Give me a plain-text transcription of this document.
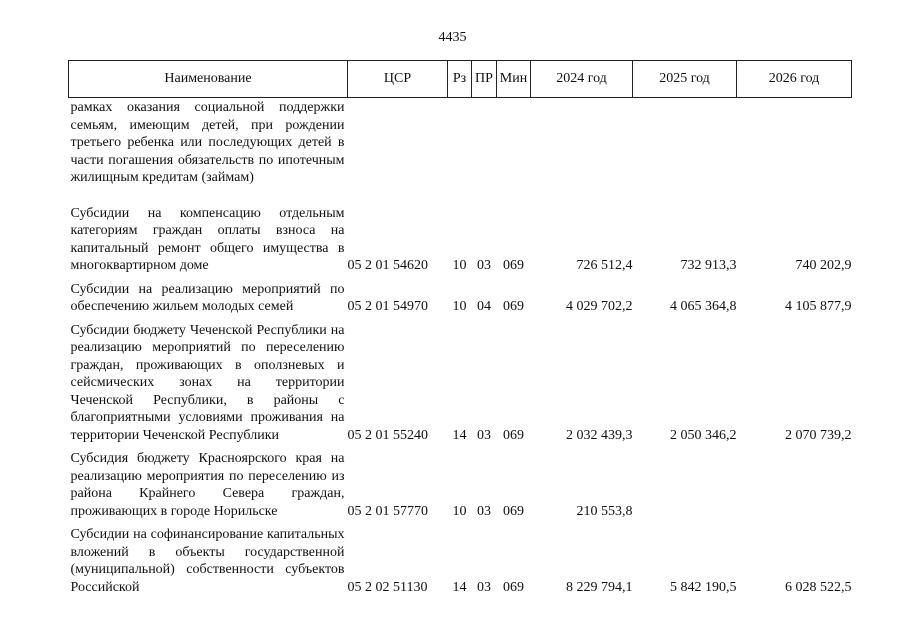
4435
Наименование	ЦСР	Рз	ПР	Мин	2024 год	2025 год	2026 год
рамках оказания социальной поддержки семьям, имеющим детей, при рождении третьего ребенка или последующих детей в части погашения обязательств по ипотечным жилищным кредитам (займам)							
Субсидии на компенсацию отдельным категориям граждан оплаты взноса на капитальный ремонт общего имущества в многоквартирном доме	05 2 01 54620	10	03	069	726 512,4	732 913,3	740 202,9
Субсидии на реализацию мероприятий по обеспечению жильем молодых семей	05 2 01 54970	10	04	069	4 029 702,2	4 065 364,8	4 105 877,9
Субсидии бюджету Чеченской Республики на реализацию мероприятий по переселению граждан, проживающих в оползневых и сейсмических зонах на территории Чеченской Республики, в районы с благоприятными условиями проживания на территории Чеченской Республики	05 2 01 55240	14	03	069	2 032 439,3	2 050 346,2	2 070 739,2
Субсидия бюджету Красноярского края на реализацию мероприятия по переселению из района Крайнего Севера граждан, проживающих в городе Норильске	05 2 01 57770	10	03	069	210 553,8		
Субсидии на софинансирование капитальных вложений в объекты государственной (муниципальной) собственности субъектов Российской	05 2 02 51130	14	03	069	8 229 794,1	5 842 190,5	6 028 522,5
